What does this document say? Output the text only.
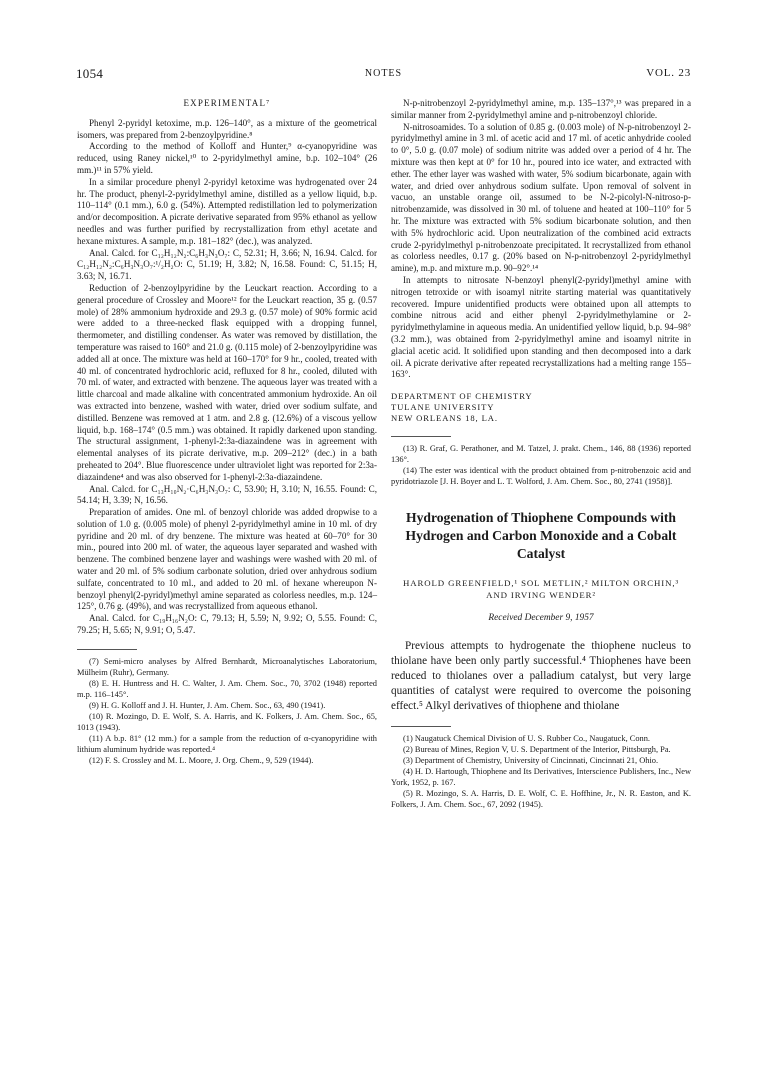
1054	NOTES	VOL. 23

EXPERIMENTAL⁷

Phenyl 2-pyridyl ketoxime, m.p. 126–140°, as a mixture of the geometrical isomers, was prepared from 2-benzoylpyridine.⁸

According to the method of Kolloff and Hunter,⁹ α-cyanopyridine was reduced, using Raney nickel,¹⁰ to 2-pyridylmethyl amine, b.p. 102–104° (26 mm.)¹¹ in 57% yield.

In a similar procedure phenyl 2-pyridyl ketoxime was hydrogenated over 24 hr. The product, phenyl-2-pyridylmethyl amine, distilled as a yellow liquid, b.p. 110–114° (0.1 mm.), 6.0 g. (54%). Attempted redistillation led to polymerization and/or decomposition. A picrate derivative separated from 95% ethanol as yellow needles and was further purified by recrystallization from ethyl acetate and hexane mixtures. A sample, m.p. 181–182° (dec.), was analyzed.

Anal. Calcd. for C₁₂H₁₂N₂:C₆H₃N₃O₇: C, 52.31; H, 3.66; N, 16.94. Calcd. for C₁₂H₁₂N₂:C₆H₃N₃O₇:¹/₂H₂O: C, 51.19; H, 3.82; N, 16.58. Found: C, 51.15; H, 3.63; N, 16.71.

Reduction of 2-benzoylpyridine by the Leuckart reaction. According to a general procedure of Crossley and Moore¹² for the Leuckart reaction, 35 g. (0.57 mole) of 28% ammonium hydroxide and 29.3 g. (0.57 mole) of 90% formic acid were added to a three-necked flask equipped with a dropping funnel, thermometer, and distilling condenser. As water was removed by distillation, the temperature was raised to 160° and 21.0 g. (0.115 mole) of 2-benzoylpyridine was added all at once. The mixture was held at 160–170° for 9 hr., cooled, treated with 40 ml. of concentrated hydrochloric acid, refluxed for 8 hr., cooled, diluted with 70 ml. of water, and extracted with benzene. The aqueous layer was treated with a little charcoal and made alkaline with concentrated ammonium hydroxide. An oil was extracted into benzene, washed with water, dried over sodium sulfate, and distilled. Benzene was removed at 1 atm. and 2.8 g. (12.6%) of a viscous yellow liquid, b.p. 168–174° (0.5 mm.) was obtained. It rapidly darkened upon standing. The structural assignment, 1-phenyl-2:3a-diazaindene was in agreement with elemental analyses of its picrate derivative, m.p. 209–212° (dec.) in a bath preheated to 204°. Blue fluorescence under ultraviolet light was reported for 2:3a-diazaindene⁴ and was also observed for 1-phenyl-2:3a-diazaindene.

Anal. Calcd. for C₁₃H₁₀N₂·C₆H₃N₃O₇: C, 53.90; H, 3.10; N, 16.55. Found: C, 54.14; H, 3.39; N, 16.56.

Preparation of amides. One ml. of benzoyl chloride was added dropwise to a solution of 1.0 g. (0.005 mole) of phenyl 2-pyridylmethyl amine in 10 ml. of dry pyridine and 20 ml. of dry benzene. The mixture was heated at 60–70° for 30 min., poured into 200 ml. of water, the aqueous layer separated and washed with benzene. The combined benzene layer and washings were washed with 20 ml. of water and 20 ml. of 5% sodium carbonate solution, dried over anhydrous sodium sulfate, concentrated to 10 ml., and added to 20 ml. of hexane whereupon N-benzoyl phenyl(2-pyridyl)methyl amine separated as colorless needles, m.p. 124–125°, 0.76 g. (49%), and was recrystallized from aqueous ethanol.

Anal. Calcd. for C₁₉H₁₆N₂O: C, 79.13; H, 5.59; N, 9.92; O, 5.55. Found: C, 79.25; H, 5.65; N, 9.91; O, 5.47.

(7) Semi-micro analyses by Alfred Bernhardt, Microanalytisches Laboratorium, Mülheim (Ruhr), Germany.

(8) E. H. Huntress and H. C. Walter, J. Am. Chem. Soc., 70, 3702 (1948) reported m.p. 116–145°.

(9) H. G. Kolloff and J. H. Hunter, J. Am. Chem. Soc., 63, 490 (1941).

(10) R. Mozingo, D. E. Wolf, S. A. Harris, and K. Folkers, J. Am. Chem. Soc., 65, 1013 (1943).

(11) A b.p. 81° (12 mm.) for a sample from the reduction of α-cyanopyridine with lithium aluminum hydride was reported.⁴

(12) F. S. Crossley and M. L. Moore, J. Org. Chem., 9, 529 (1944).

N-p-nitrobenzoyl 2-pyridylmethyl amine, m.p. 135–137°,¹³ was prepared in a similar manner from 2-pyridylmethyl amine and p-nitrobenzoyl chloride.

N-nitrosoamides. To a solution of 0.85 g. (0.003 mole) of N-p-nitrobenzoyl 2-pyridylmethyl amine in 3 ml. of acetic acid and 17 ml. of acetic anhydride cooled to 0°, 5.0 g. (0.07 mole) of sodium nitrite was added over a period of 4 hr. The mixture was then kept at 0° for 10 hr., poured into ice water, and extracted with ether. The ether layer was washed with water, 5% sodium bicarbonate, again with water, and dried over anhydrous sodium sulfate. Upon removal of solvent in vacuo, an unstable orange oil, assumed to be N-2-picolyl-N-nitroso-p-nitrobenzamide, was dissolved in 30 ml. of toluene and heated at 100–110° for 5 hr. The mixture was extracted with 5% sodium bicarbonate solution, and then with 5% hydrochloric acid. Upon neutralization of the combined acid extracts crude 2-pyridylmethyl p-nitrobenzoate precipitated. It recrystallized from ethanol as colorless needles, 0.17 g. (20% based on N-p-nitrobenzoyl 2-pyridylmethyl amine), m.p. and mixture m.p. 90–92°.¹⁴

In attempts to nitrosate N-benzoyl phenyl(2-pyridyl)methyl amine with nitrogen tetroxide or with isoamyl nitrite starting material was quantitatively recovered. Impure unidentified products were obtained upon all attempts to combine nitrous acid and either phenyl 2-pyridylmethylamine or 2-pyridylmethylamine in aqueous media. An unidentified yellow liquid, b.p. 94–98° (3.2 mm.), was obtained from 2-pyridylmethyl amine and isoamyl nitrite in glacial acetic acid. It solidified upon standing and then decomposed into a dark oil. A picrate derivative after repeated recrystallizations had a melting range 155–163°.

DEPARTMENT OF CHEMISTRY
TULANE UNIVERSITY
NEW ORLEANS 18, LA.

(13) R. Graf, G. Perathoner, and M. Tatzel, J. prakt. Chem., 146, 88 (1936) reported 136°.

(14) The ester was identical with the product obtained from p-nitrobenzoic acid and pyridotriazole [J. H. Boyer and L. T. Wolford, J. Am. Chem. Soc., 80, 2741 (1958)].

Hydrogenation of Thiophene Compounds with Hydrogen and Carbon Monoxide and a Cobalt Catalyst
HAROLD GREENFIELD,¹ SOL METLIN,² MILTON ORCHIN,³ AND IRVING WENDER²
Received December 9, 1957

Previous attempts to hydrogenate the thiophene nucleus to thiolane have been only partly successful.⁴ Thiophenes have been reduced to thiolanes over a palladium catalyst, but very large quantities of catalyst were required to overcome the poisoning effect.⁵ Alkyl derivatives of thiophene and thiolane

(1) Naugatuck Chemical Division of U. S. Rubber Co., Naugatuck, Conn.

(2) Bureau of Mines, Region V, U. S. Department of the Interior, Pittsburgh, Pa.

(3) Department of Chemistry, University of Cincinnati, Cincinnati 21, Ohio.

(4) H. D. Hartough, Thiophene and Its Derivatives, Interscience Publishers, Inc., New York, 1952, p. 167.

(5) R. Mozingo, S. A. Harris, D. E. Wolf, C. E. Hoffhine, Jr., N. R. Easton, and K. Folkers, J. Am. Chem. Soc., 67, 2092 (1945).
